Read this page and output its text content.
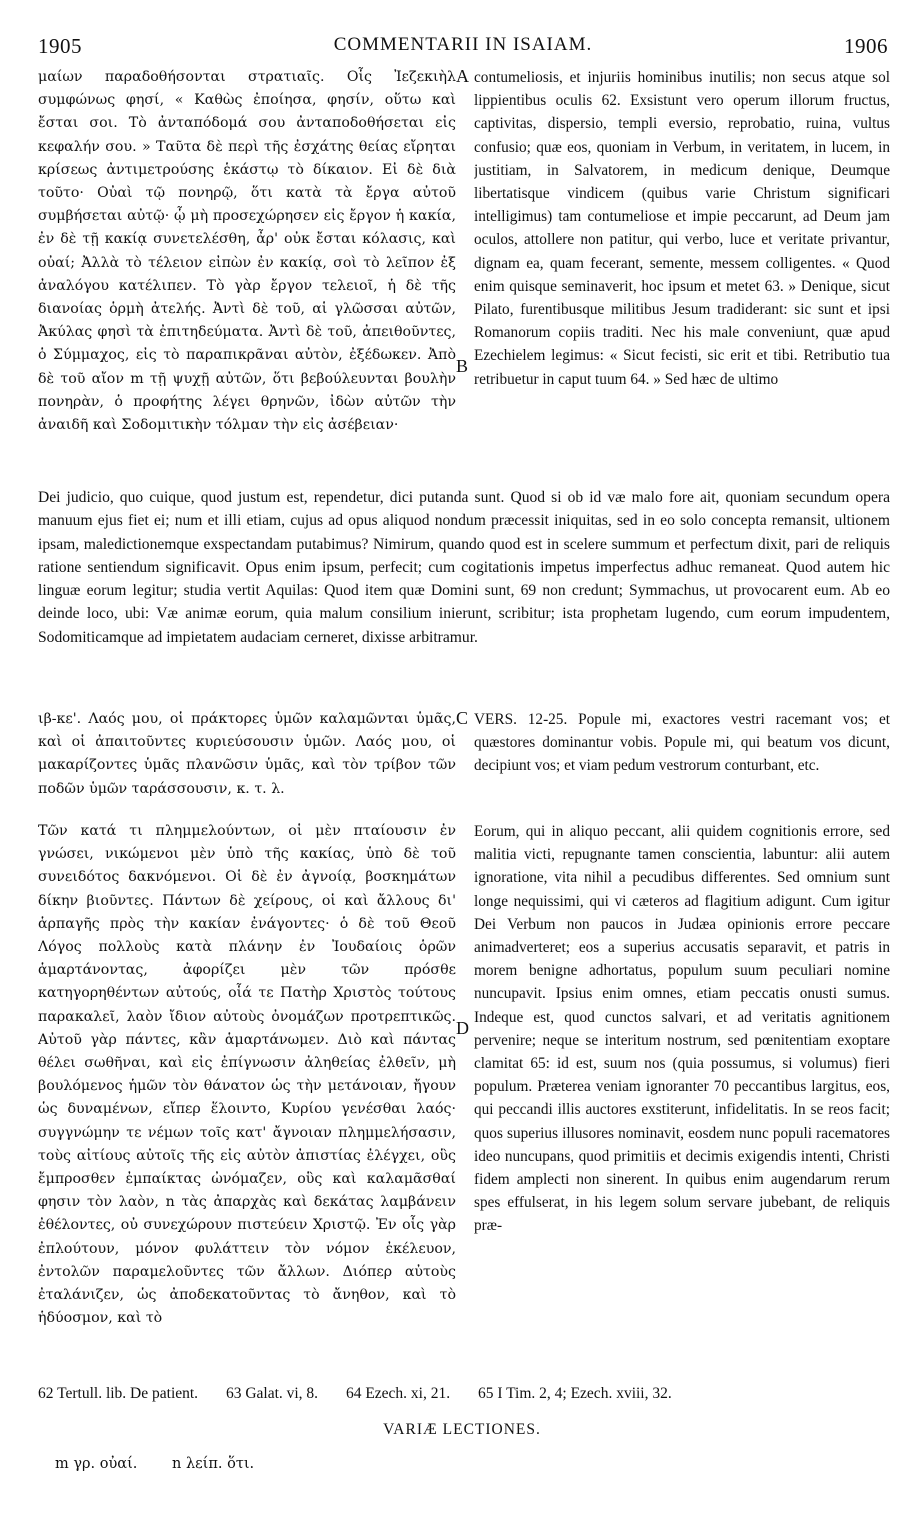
1905	COMMENTARII IN ISAIAM.	1906

μαίων παραδοθήσονται στρατιαῖς. Οἷς Ἰεζεκιὴλ συμφώνως φησί, « Καθὼς ἐποίησα, φησίν, οὕτω καὶ ἔσται σοι. Τὸ ἀνταπόδομά σου ἀνταποδοθήσεται εἰς κεφαλήν σου. » Ταῦτα δὲ περὶ τῆς ἐσχάτης θείας εἴρηται κρίσεως ἀντιμετρούσης ἑκάστῳ τὸ δίκαιον. Εἰ δὲ διὰ τοῦτο· Οὐαὶ τῷ πονηρῷ, ὅτι κατὰ τὰ ἔργα αὐτοῦ συμβήσεται αὐτῷ· ᾧ μὴ προσεχώρησεν εἰς ἔργον ἡ κακία, ἐν δὲ τῇ κακίᾳ συνετελέσθη, ἆρ' οὐκ ἔσται κόλασις, καὶ οὐαί; Ἀλλὰ τὸ τέλειον εἰπὼν ἐν κακίᾳ, σοὶ τὸ λεῖπον ἐξ ἀναλόγου κατέλιπεν. Τὸ γὰρ ἔργον τελειοῖ, ἡ δὲ τῆς διανοίας ὁρμὴ ἀτελής. Ἀντὶ δὲ τοῦ, αἱ γλῶσσαι αὐτῶν, Ἀκύλας φησὶ τὰ ἐπιτηδεύματα. Ἀντὶ δὲ τοῦ, ἀπειθοῦντες, ὁ Σύμμαχος, εἰς τὸ παραπικρᾶναι αὐτὸν, ἐξέδωκεν. Ἀπὸ δὲ τοῦ αἴον m τῇ ψυχῇ αὐτῶν, ὅτι βεβούλευνται βουλὴν πονηρὰν, ὁ προφήτης λέγει θρηνῶν, ἰδὼν αὐτῶν τὴν ἀναιδῆ καὶ Σοδομιτικὴν τόλμαν τὴν εἰς ἀσέβειαν·

A
B

contumeliosis, et injuriis hominibus inutilis; non secus atque sol lippientibus oculis 62. Exsistunt vero operum illorum fructus, captivitas, dispersio, templi eversio, reprobatio, ruina, vultus confusio; quæ eos, quoniam in Verbum, in veritatem, in lucem, in justitiam, in Salvatorem, in medicum denique, Deumque libertatisque vindicem (quibus varie Christum significari intelligimus) tam contumeliose et impie peccarunt, ad Deum jam oculos, attollere non patitur, qui verbo, luce et veritate privantur, dignam ea, quam fecerant, semente, messem colligentes. « Quod enim quisque seminaverit, hoc ipsum et metet 63. » Denique, sicut Pilato, furentibusque militibus Jesum tradiderant: sic sunt et ipsi Romanorum copiis traditi. Nec his male conveniunt, quæ apud Ezechielem legimus: « Sicut fecisti, sic erit et tibi. Retributio tua retribuetur in caput tuum 64. » Sed hæc de ultimo

Dei judicio, quo cuique, quod justum est, rependetur, dici putanda sunt. Quod si ob id væ malo fore ait, quoniam secundum opera manuum ejus fiet ei; num et illi etiam, cujus ad opus aliquod nondum præcessit iniquitas, sed in eo solo concepta remansit, ultionem ipsam, maledictionemque exspectandam putabimus? Nimirum, quando quod est in scelere summum et perfectum dixit, pari de reliquis ratione sentiendum significavit. Opus enim ipsum, perfecit; cum cogitationis impetus imperfectus adhuc remaneat. Quod autem hic linguæ eorum legitur; studia vertit Aquilas: Quod item quæ Domini sunt, 69 non credunt; Symmachus, ut provocarent eum. Ab eo deinde loco, ubi: Væ animæ eorum, quia malum consilium inierunt, scribitur; ista prophetam lugendo, cum eorum impudentem, Sodomiticamque ad impietatem audaciam cerneret, dixisse arbitramur.

ιβ-κε'. Λαός μου, οἱ πράκτορες ὑμῶν καλαμῶνται ὑμᾶς, καὶ οἱ ἀπαιτοῦντες κυριεύσουσιν ὑμῶν. Λαός μου, οἱ μακαρίζοντες ὑμᾶς πλανῶσιν ὑμᾶς, καὶ τὸν τρίβον τῶν ποδῶν ὑμῶν ταράσσουσιν, κ. τ. λ.

C VERS. 12-25. Popule mi, exactores vestri racemant vos; et quæstores dominantur vobis. Popule mi, qui beatum vos dicunt, decipiunt vos; et viam pedum vestrorum conturbant, etc.

Τῶν κατά τι πλημμελούντων, οἱ μὲν πταίουσιν ἐν γνώσει, νικώμενοι μὲν ὑπὸ τῆς κακίας, ὑπὸ δὲ τοῦ συνειδότος δακνόμενοι. Οἱ δὲ ἐν ἀγνοίᾳ, βοσκημάτων δίκην βιοῦντες. Πάντων δὲ χείρους, οἱ καὶ ἄλλους δι' ἁρπαγῆς πρὸς τὴν κακίαν ἐνάγοντες· ὁ δὲ τοῦ Θεοῦ Λόγος πολλοὺς κατὰ πλάνην ἐν Ἰουδαίοις ὁρῶν ἁμαρτάνοντας, ἀφορίζει μὲν τῶν πρόσθε κατηγορηθέντων αὐτούς, οἷά τε Πατὴρ Χριστὸς τούτους παρακαλεῖ, λαὸν ἴδιον αὐτοὺς ὀνομάζων προτρεπτικῶς. Αὐτοῦ γὰρ πάντες, κἂν ἁμαρτάνωμεν. Διὸ καὶ πάντας θέλει σωθῆναι, καὶ εἰς ἐπίγνωσιν ἀληθείας ἐλθεῖν, μὴ βουλόμενος ἡμῶν τὸν θάνατον ὡς τὴν μετάνοιαν, ἤγουν ὡς δυναμένων, εἴπερ ἕλοιντο, Κυρίου γενέσθαι λαός· συγγνώμην τε νέμων τοῖς κατ' ἄγνοιαν πλημμελήσασιν, τοὺς αἰτίους αὐτοῖς τῆς εἰς αὐτὸν ἀπιστίας ἐλέγχει, οὓς ἔμπροσθεν ἐμπαίκτας ὠνόμαζεν, οὓς καὶ καλαμᾶσθαί φησιν τὸν λαὸν, n τὰς ἀπαρχὰς καὶ δεκάτας λαμβάνειν ἐθέλοντες, οὐ συνεχώρουν πιστεύειν Χριστῷ. Ἐν οἷς γὰρ ἐπλούτουν, μόνον φυλάττειν τὸν νόμον ἐκέλευον, ἐντολῶν παραμελοῦντες τῶν ἄλλων. Διόπερ αὐτοὺς ἐταλάνιζεν, ὡς ἀποδεκατοῦντας τὸ ἄνηθον, καὶ τὸ ἡδύοσμον, καὶ τὸ

D

Eorum, qui in aliquo peccant, alii quidem cognitionis errore, sed malitia victi, repugnante tamen conscientia, labuntur: alii autem ignoratione, vita nihil a pecudibus differentes. Sed omnium sunt longe nequissimi, qui vi cæteros ad flagitium adigunt. Cum igitur Dei Verbum non paucos in Judæa opinionis errore peccare animadverteret; eos a superius accusatis separavit, et patris in morem benigne adhortatus, populum suum peculiari nomine nuncupavit. Ipsius enim omnes, etiam peccatis onusti sumus. Indeque est, quod cunctos salvari, et ad veritatis agnitionem pervenire; neque se interitum nostrum, sed pœnitentiam exoptare clamitat 65: id est, suum nos (quia possumus, si volumus) fieri populum. Præterea veniam ignoranter 70 peccantibus largitus, eos, qui peccandi illis auctores exstiterunt, infidelitatis. In se reos facit; quos superius illusores nominavit, eosdem nunc populi racematores ideo nuncupans, quod primitiis et decimis exigendis intenti, Christi fidem amplecti non sinerent. In quibus enim augendarum rerum spes effulserat, in his legem solum servare jubebant, de reliquis præ-

62 Tertull. lib. De patient. 63 Galat. vi, 8. 64 Ezech. xi, 21. 65 I Tim. 2, 4; Ezech. xviii, 32.
VARIÆ LECTIONES.
m γρ. οὐαί. n λείπ. ὅτι.
